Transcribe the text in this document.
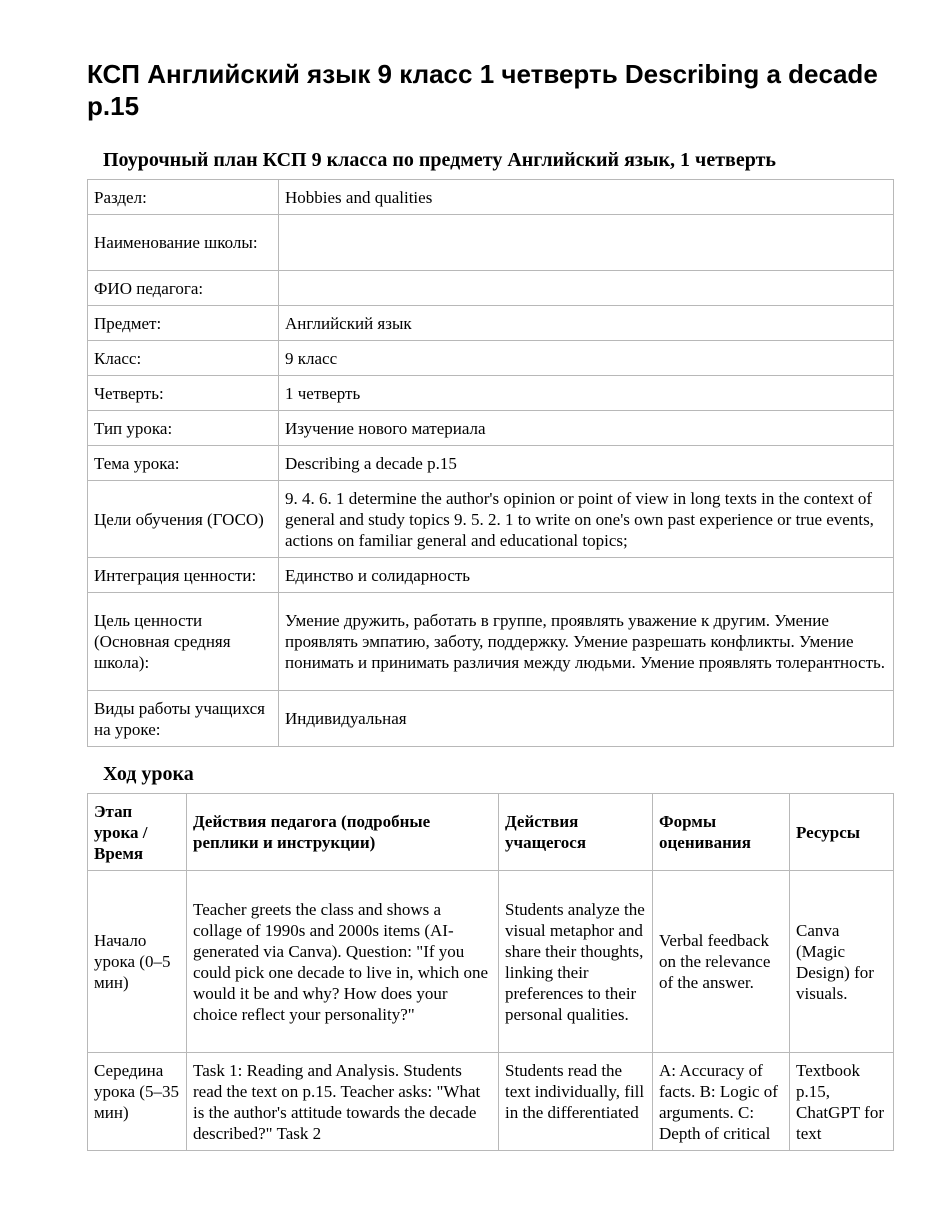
КСП Английский язык 9 класс 1 четверть Describing a decade p.15
Поурочный план КСП 9 класса по предмету Английский язык, 1 четверть
Раздел:	Hobbies and qualities
Наименование школы:	
ФИО педагога:	
Предмет:	Английский язык
Класс:	9 класс
Четверть:	1 четверть
Тип урока:	Изучение нового материала
Тема урока:	Describing a decade p.15
Цели обучения (ГОСО)	9. 4. 6. 1 determine the author's opinion or point of view in long texts in the context of general and study topics 9. 5. 2. 1 to write on one's own past experience or true events, actions on familiar general and educational topics;
Интеграция ценности:	Единство и солидарность
Цель ценности (Основная средняя школа):	Умение дружить, работать в группе, проявлять уважение к другим. Умение проявлять эмпатию, заботу, поддержку. Умение разрешать конфликты. Умение понимать и принимать различия между людьми. Умение проявлять толерантность.
Виды работы учащихся на уроке:	Индивидуальная
Ход урока
Этап урока / Время	Действия педагога (подробные реплики и инструкции)	Действия учащегося	Формы оценивания	Ресурсы
Начало урока (0–5 мин)	Teacher greets the class and shows a collage of 1990s and 2000s items (AI-generated via Canva). Question: "If you could pick one decade to live in, which one would it be and why? How does your choice reflect your personality?"	Students analyze the visual metaphor and share their thoughts, linking their preferences to their personal qualities.	Verbal feedback on the relevance of the answer.	Canva (Magic Design) for visuals.
Середина урока (5–35 мин)	Task 1: Reading and Analysis. Students read the text on p.15. Teacher asks: "What is the author's attitude towards the decade described?" Task 2	Students read the text individually, fill in the differentiated	A: Accuracy of facts. B: Logic of arguments. C: Depth of critical	Textbook p.15, ChatGPT for text
